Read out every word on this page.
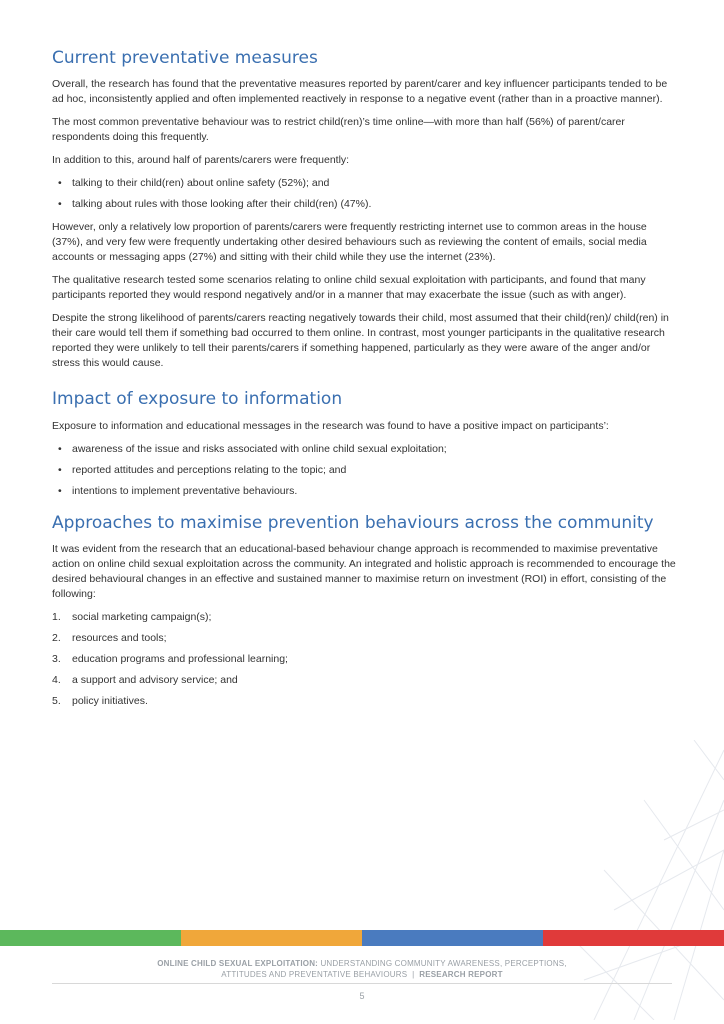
Current preventative measures

Overall, the research has found that the preventative measures reported by parent/carer and key influencer participants tended to be ad hoc, inconsistently applied and often implemented reactively in response to a negative event (rather than in a proactive manner).

The most common preventative behaviour was to restrict child(ren)’s time online—with more than half (56%) of parent/carer respondents doing this frequently.

In addition to this, around half of parents/carers were frequently:

• talking to their child(ren) about online safety (52%); and
• talking about rules with those looking after their child(ren) (47%).

However, only a relatively low proportion of parents/carers were frequently restricting internet use to common areas in the house (37%), and very few were frequently undertaking other desired behaviours such as reviewing the content of emails, social media accounts or messaging apps (27%) and sitting with their child while they use the internet (23%).

The qualitative research tested some scenarios relating to online child sexual exploitation with participants, and found that many participants reported they would respond negatively and/or in a manner that may exacerbate the issue (such as with anger).

Despite the strong likelihood of parents/carers reacting negatively towards their child, most assumed that their child(ren)/ child(ren) in their care would tell them if something bad occurred to them online. In contrast, most younger participants in the qualitative research reported they were unlikely to tell their parents/carers if something happened, particularly as they were aware of the anger and/or stress this would cause.

Impact of exposure to information

Exposure to information and educational messages in the research was found to have a positive impact on participants’:

• awareness of the issue and risks associated with online child sexual exploitation;
• reported attitudes and perceptions relating to the topic; and
• intentions to implement preventative behaviours.
Approaches to maximise prevention behaviours across the community

It was evident from the research that an educational-based behaviour change approach is recommended to maximise preventative action on online child sexual exploitation across the community. An integrated and holistic approach is recommended to encourage the desired behavioural changes in an effective and sustained manner to maximise return on investment (ROI) in effort, consisting of the following:

1. social marketing campaign(s);
2. resources and tools;
3. education programs and professional learning;
4. a support and advisory service; and
5. policy initiatives.
ONLINE CHILD SEXUAL EXPLOITATION: UNDERSTANDING COMMUNITY AWARENESS, PERCEPTIONS,
ATTITUDES AND PREVENTATIVE BEHAVIOURS | RESEARCH REPORT
5
